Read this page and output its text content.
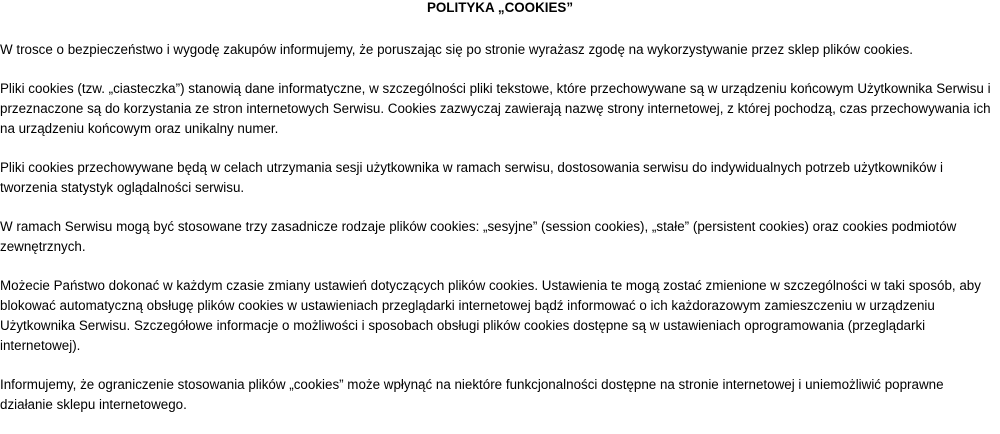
POLITYKA „COOKIES”

W trosce o bezpieczeństwo i wygodę zakupów informujemy, że poruszając się po stronie wyrażasz zgodę na wykorzystywanie przez sklep plików cookies.

Pliki cookies (tzw. „ciasteczka”) stanowią dane informatyczne, w szczególności pliki tekstowe, które przechowywane są w urządzeniu końcowym Użytkownika Serwisu i przeznaczone są do korzystania ze stron internetowych Serwisu. Cookies zazwyczaj zawierają nazwę strony internetowej, z której pochodzą, czas przechowywania ich na urządzeniu końcowym oraz unikalny numer.

Pliki cookies przechowywane będą w celach utrzymania sesji użytkownika w ramach serwisu, dostosowania serwisu do indywidualnych potrzeb użytkowników i tworzenia statystyk oglądalności serwisu.

W ramach Serwisu mogą być stosowane trzy zasadnicze rodzaje plików cookies: „sesyjne” (session cookies), „stałe” (persistent cookies) oraz cookies podmiotów zewnętrznych.

Możecie Państwo dokonać w każdym czasie zmiany ustawień dotyczących plików cookies. Ustawienia te mogą zostać zmienione w szczególności w taki sposób, aby blokować automatyczną obsługę plików cookies w ustawieniach przeglądarki internetowej bądź informować o ich każdorazowym zamieszczeniu w urządzeniu Użytkownika Serwisu. Szczegółowe informacje o możliwości i sposobach obsługi plików cookies dostępne są w ustawieniach oprogramowania (przeglądarki internetowej).

Informujemy, że ograniczenie stosowania plików „cookies” może wpłynąć na niektóre funkcjonalności dostępne na stronie internetowej i uniemożliwić poprawne działanie sklepu internetowego.
